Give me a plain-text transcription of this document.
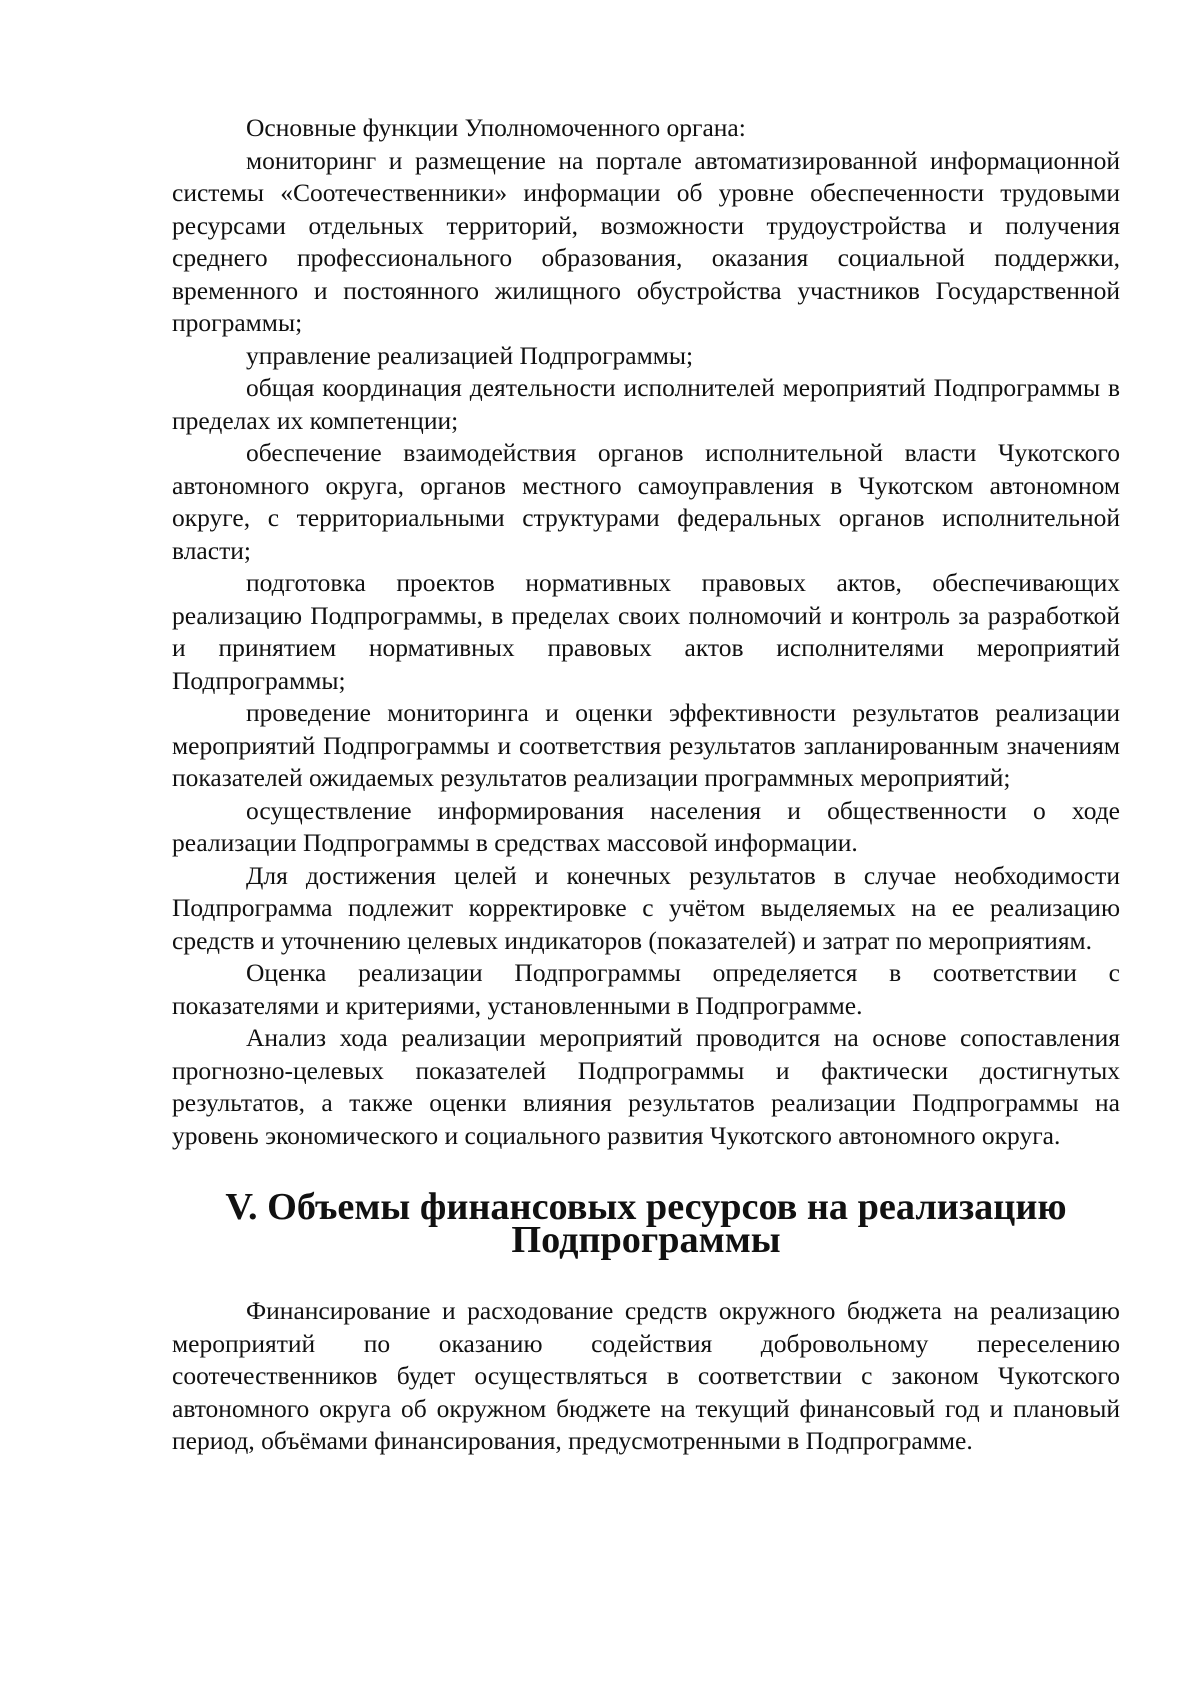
Основные функции Уполномоченного органа:

мониторинг и размещение на портале автоматизированной информационной системы «Соотечественники» информации об уровне обеспеченности трудовыми ресурсами отдельных территорий, возможности трудоустройства и получения среднего профессионального образования, оказания социальной поддержки, временного и постоянного жилищного обустройства участников Государственной программы;

управление реализацией Подпрограммы;

общая координация деятельности исполнителей мероприятий Подпрограммы в пределах их компетенции;

обеспечение взаимодействия органов исполнительной власти Чукотского автономного округа, органов местного самоуправления в Чукотском автономном округе, с территориальными структурами федеральных органов исполнительной власти;

подготовка проектов нормативных правовых актов, обеспечивающих реализацию Подпрограммы, в пределах своих полномочий и контроль за разработкой и принятием нормативных правовых актов исполнителями мероприятий Подпрограммы;

проведение мониторинга и оценки эффективности результатов реализации мероприятий Подпрограммы и соответствия результатов запланированным значениям показателей ожидаемых результатов реализации программных мероприятий;

осуществление информирования населения и общественности о ходе реализации Подпрограммы в средствах массовой информации.

Для достижения целей и конечных результатов в случае необходимости Подпрограмма подлежит корректировке с учётом выделяемых на ее реализацию средств и уточнению целевых индикаторов (показателей) и затрат по мероприятиям.

Оценка реализации Подпрограммы определяется в соответствии с показателями и критериями, установленными в Подпрограмме.

Анализ хода реализации мероприятий проводится на основе сопоставления прогнозно-целевых показателей Подпрограммы и фактически достигнутых результатов, а также оценки влияния результатов реализации Подпрограммы на уровень экономического и социального развития Чукотского автономного округа.

V. Объемы финансовых ресурсов на реализацию Подпрограммы

Финансирование и расходование средств окружного бюджета на реализацию мероприятий по оказанию содействия добровольному переселению соотечественников будет осуществляться в соответствии с законом Чукотского автономного округа об окружном бюджете на текущий финансовый год и плановый период, объёмами финансирования, предусмотренными в Подпрограмме.
